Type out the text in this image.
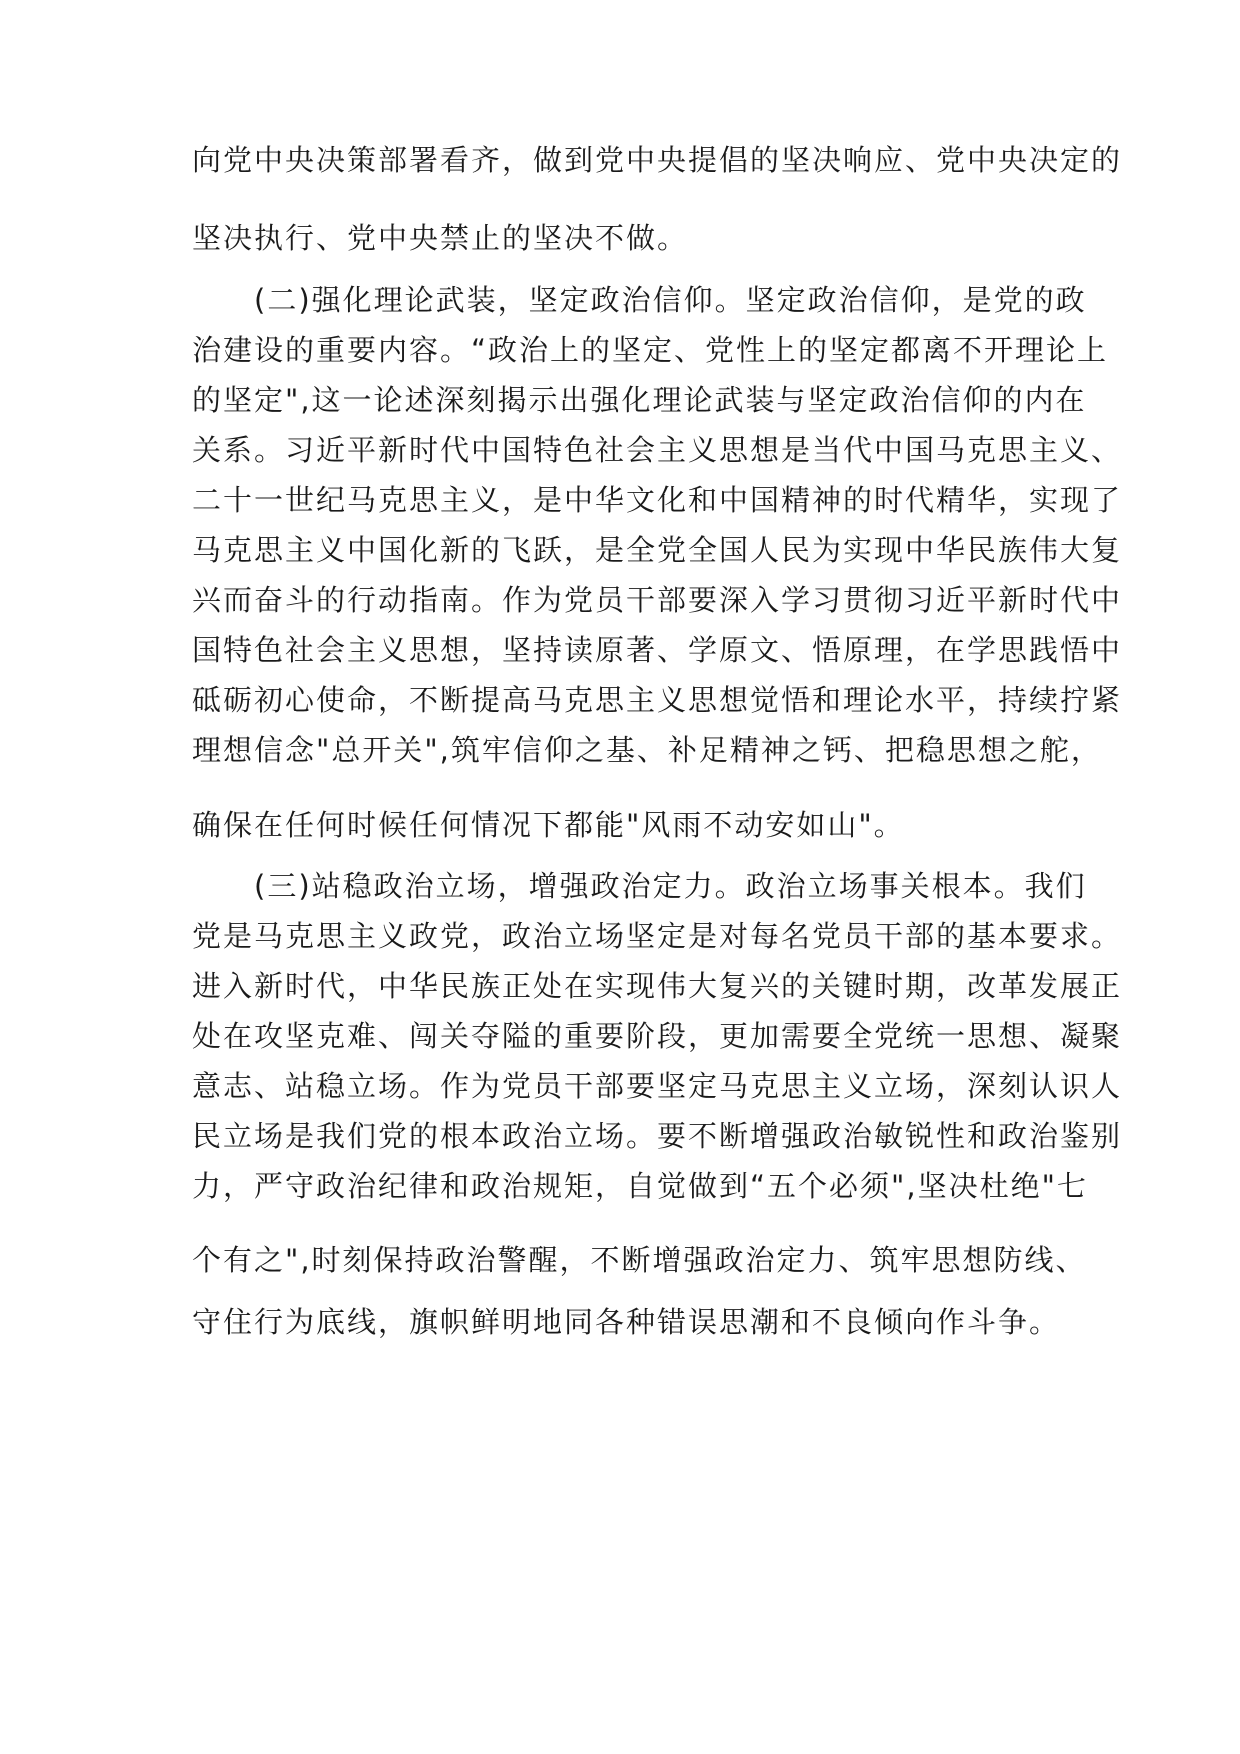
向党中央决策部署看齐，做到党中央提倡的坚决响应、党中央决定的
坚决执行、党中央禁止的坚决不做。
　　(二)强化理论武装，坚定政治信仰。坚定政治信仰，是党的政
治建设的重要内容。“政治上的坚定、党性上的坚定都离不开理论上
的坚定",这一论述深刻揭示出强化理论武装与坚定政治信仰的内在
关系。习近平新时代中国特色社会主义思想是当代中国马克思主义、
二十一世纪马克思主义，是中华文化和中国精神的时代精华，实现了
马克思主义中国化新的飞跃，是全党全国人民为实现中华民族伟大复
兴而奋斗的行动指南。作为党员干部要深入学习贯彻习近平新时代中
国特色社会主义思想，坚持读原著、学原文、悟原理，在学思践悟中
砥砺初心使命，不断提高马克思主义思想觉悟和理论水平，持续拧紧
理想信念"总开关",筑牢信仰之基、补足精神之钙、把稳思想之舵，
确保在任何时候任何情况下都能"风雨不动安如山"。
　　(三)站稳政治立场，增强政治定力。政治立场事关根本。我们
党是马克思主义政党，政治立场坚定是对每名党员干部的基本要求。
进入新时代，中华民族正处在实现伟大复兴的关键时期，改革发展正
处在攻坚克难、闯关夺隘的重要阶段，更加需要全党统一思想、凝聚
意志、站稳立场。作为党员干部要坚定马克思主义立场，深刻认识人
民立场是我们党的根本政治立场。要不断增强政治敏锐性和政治鉴别
力，严守政治纪律和政治规矩，自觉做到“五个必须",坚决杜绝"七
个有之",时刻保持政治警醒，不断增强政治定力、筑牢思想防线、
守住行为底线，旗帜鲜明地同各种错误思潮和不良倾向作斗争。
